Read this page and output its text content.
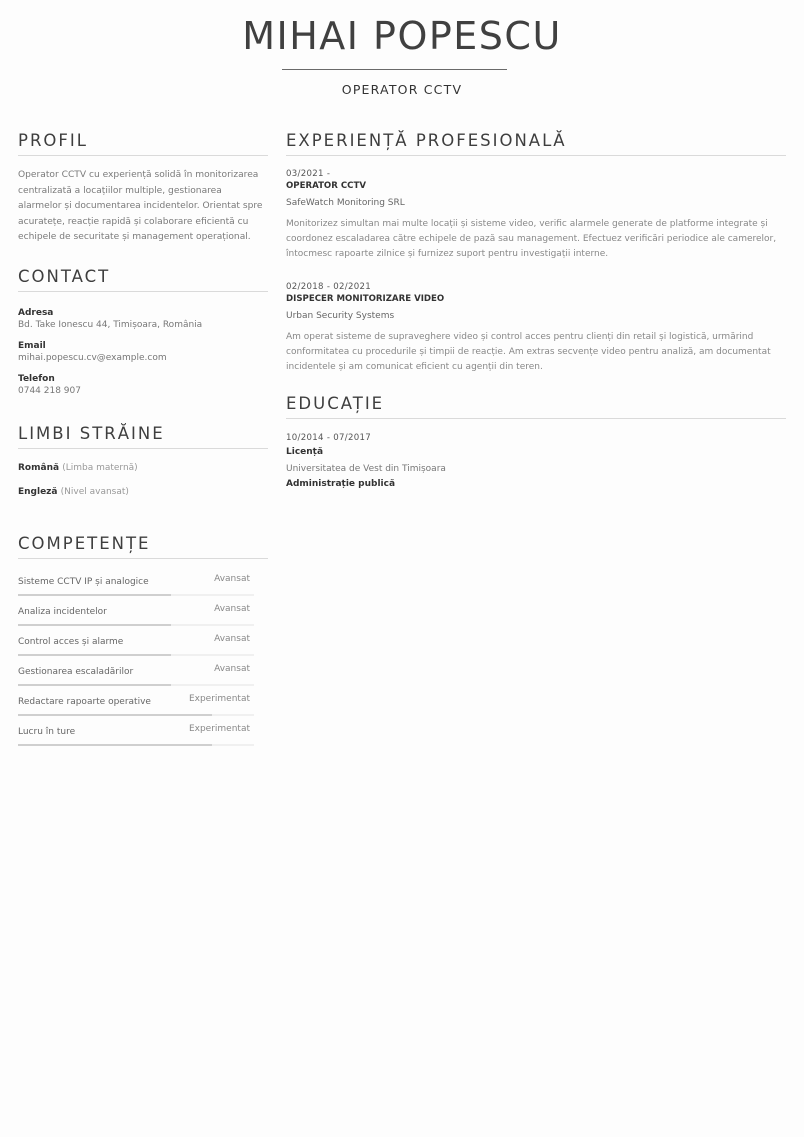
MIHAI POPESCU
OPERATOR CCTV
PROFIL
Operator CCTV cu experiență solidă în monitorizarea centralizată a locațiilor multiple, gestionarea alarmelor și documentarea incidentelor. Orientat spre acuratețe, reacție rapidă și colaborare eficientă cu echipele de securitate și management operațional.
CONTACT
Adresa
Bd. Take Ionescu 44, Timișoara, România
Email
mihai.popescu.cv@example.com
Telefon
0744 218 907
LIMBI STRĂINE
Română (Limba maternă)
Engleză (Nivel avansat)
COMPETENȚE
Sisteme CCTV IP și analogice	Avansat
Analiza incidentelor	Avansat
Control acces și alarme	Avansat
Gestionarea escaladărilor	Avansat
Redactare rapoarte operative	Experimentat
Lucru în ture	Experimentat
EXPERIENȚĂ PROFESIONALĂ
03/2021 -
OPERATOR CCTV
SafeWatch Monitoring SRL
Monitorizez simultan mai multe locații și sisteme video, verific alarmele generate de platforme integrate și coordonez escaladarea către echipele de pază sau management. Efectuez verificări periodice ale camerelor, întocmesc rapoarte zilnice și furnizez suport pentru investigații interne.
02/2018 - 02/2021
DISPECER MONITORIZARE VIDEO
Urban Security Systems
Am operat sisteme de supraveghere video și control acces pentru clienți din retail și logistică, urmărind conformitatea cu procedurile și timpii de reacție. Am extras secvențe video pentru analiză, am documentat incidentele și am comunicat eficient cu agenții din teren.
EDUCAȚIE
10/2014 - 07/2017
Licență
Universitatea de Vest din Timișoara
Administrație publică
